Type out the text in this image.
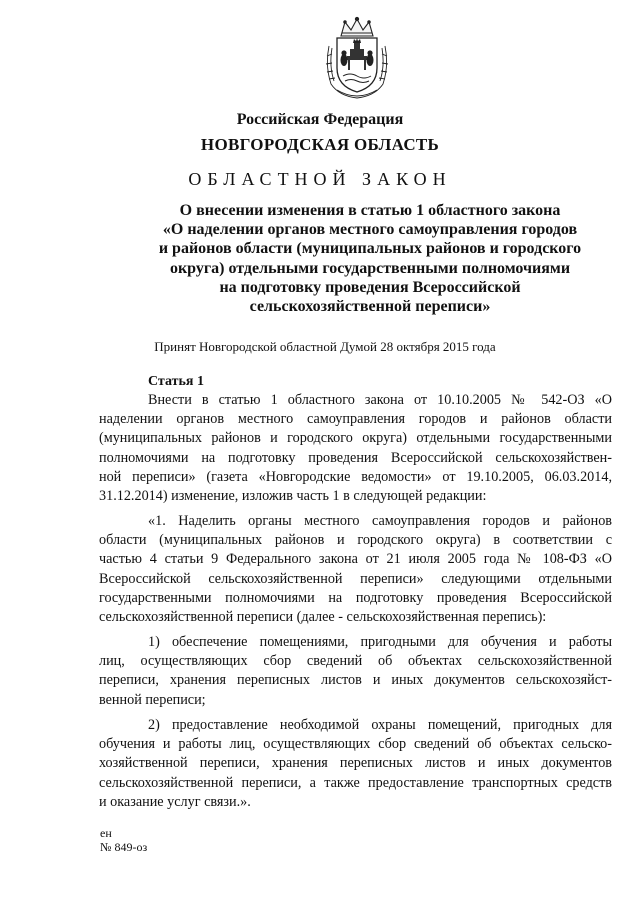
Российская Федерация
НОВГОРОДСКАЯ ОБЛАСТЬ
ОБЛАСТНОЙ ЗАКОН
О внесении изменения в статью 1 областного закона
«О наделении органов местного самоуправления городов
и районов области (муниципальных районов и городского
округа) отдельными государственными полномочиями
на подготовку проведения Всероссийской
сельскохозяйственной переписи»
Принят Новгородской областной Думой 28 октября 2015 года
Статья 1
Внести в статью 1 областного закона от 10.10.2005 № 542-ОЗ «О
наделении органов местного самоуправления городов и районов области
(муниципальных районов и городского округа) отдельными государственными
полномочиями на подготовку проведения Всероссийской сельскохозяйствен-
ной переписи» (газета «Новгородские ведомости» от 19.10.2005, 06.03.2014,
31.12.2014) изменение, изложив часть 1 в следующей редакции:
«1. Наделить органы местного самоуправления городов и районов
области (муниципальных районов и городского округа) в соответствии с
частью 4 статьи 9 Федерального закона от 21 июля 2005 года № 108-ФЗ «О
Всероссийской сельскохозяйственной переписи» следующими отдельными
государственными полномочиями на подготовку проведения Всероссийской
сельскохозяйственной переписи (далее - сельскохозяйственная перепись):
1) обеспечение помещениями, пригодными для обучения и работы
лиц, осуществляющих сбор сведений об объектах сельскохозяйственной
переписи, хранения переписных листов и иных документов сельскохозяйст-
венной переписи;
2) предоставление необходимой охраны помещений, пригодных для
обучения и работы лиц, осуществляющих сбор сведений об объектах сельско-
хозяйственной переписи, хранения переписных листов и иных документов
сельскохозяйственной переписи, а также предоставление транспортных средств
и оказание услуг связи.».
ен
№ 849-оз
